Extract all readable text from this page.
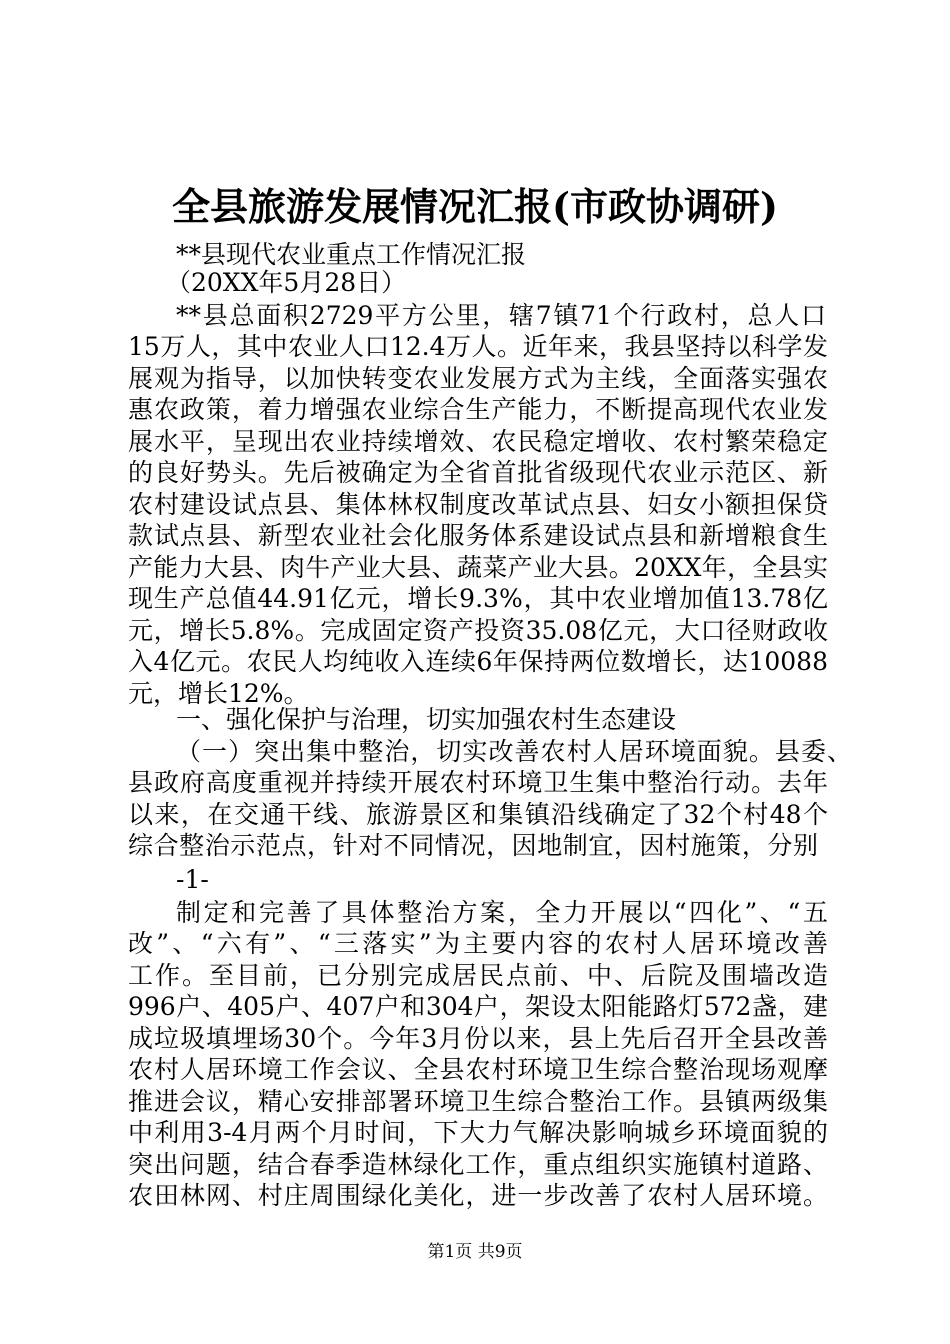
全县旅游发展情况汇报(市政协调研)
**县现代农业重点工作情况汇报
（20XX年5月28日）
**县总面积2729平方公里，辖7镇71个行政村，总人口
15万人，其中农业人口12.4万人。近年来，我县坚持以科学发
展观为指导，以加快转变农业发展方式为主线，全面落实强农
惠农政策，着力增强农业综合生产能力，不断提高现代农业发
展水平，呈现出农业持续增效、农民稳定增收、农村繁荣稳定
的良好势头。先后被确定为全省首批省级现代农业示范区、新
农村建设试点县、集体林权制度改革试点县、妇女小额担保贷
款试点县、新型农业社会化服务体系建设试点县和新增粮食生
产能力大县、肉牛产业大县、蔬菜产业大县。20XX年，全县实
现生产总值44.91亿元，增长9.3%，其中农业增加值13.78亿
元，增长5.8%。完成固定资产投资35.08亿元，大口径财政收
入4亿元。农民人均纯收入连续6年保持两位数增长，达10088
元，增长12%。
一、强化保护与治理，切实加强农村生态建设
（一）突出集中整治，切实改善农村人居环境面貌。县委、
县政府高度重视并持续开展农村环境卫生集中整治行动。去年
以来，在交通干线、旅游景区和集镇沿线确定了32个村48个
综合整治示范点，针对不同情况，因地制宜，因村施策，分别
-1-
制定和完善了具体整治方案，全力开展以“四化”、“五
改”、“六有”、“三落实”为主要内容的农村人居环境改善
工作。至目前，已分别完成居民点前、中、后院及围墙改造
996户、405户、407户和304户，架设太阳能路灯572盏，建
成垃圾填埋场30个。今年3月份以来，县上先后召开全县改善
农村人居环境工作会议、全县农村环境卫生综合整治现场观摩
推进会议，精心安排部署环境卫生综合整治工作。县镇两级集
中利用3-4月两个月时间，下大力气解决影响城乡环境面貌的
突出问题，结合春季造林绿化工作，重点组织实施镇村道路、
农田林网、村庄周围绿化美化，进一步改善了农村人居环境。
第1页 共9页
